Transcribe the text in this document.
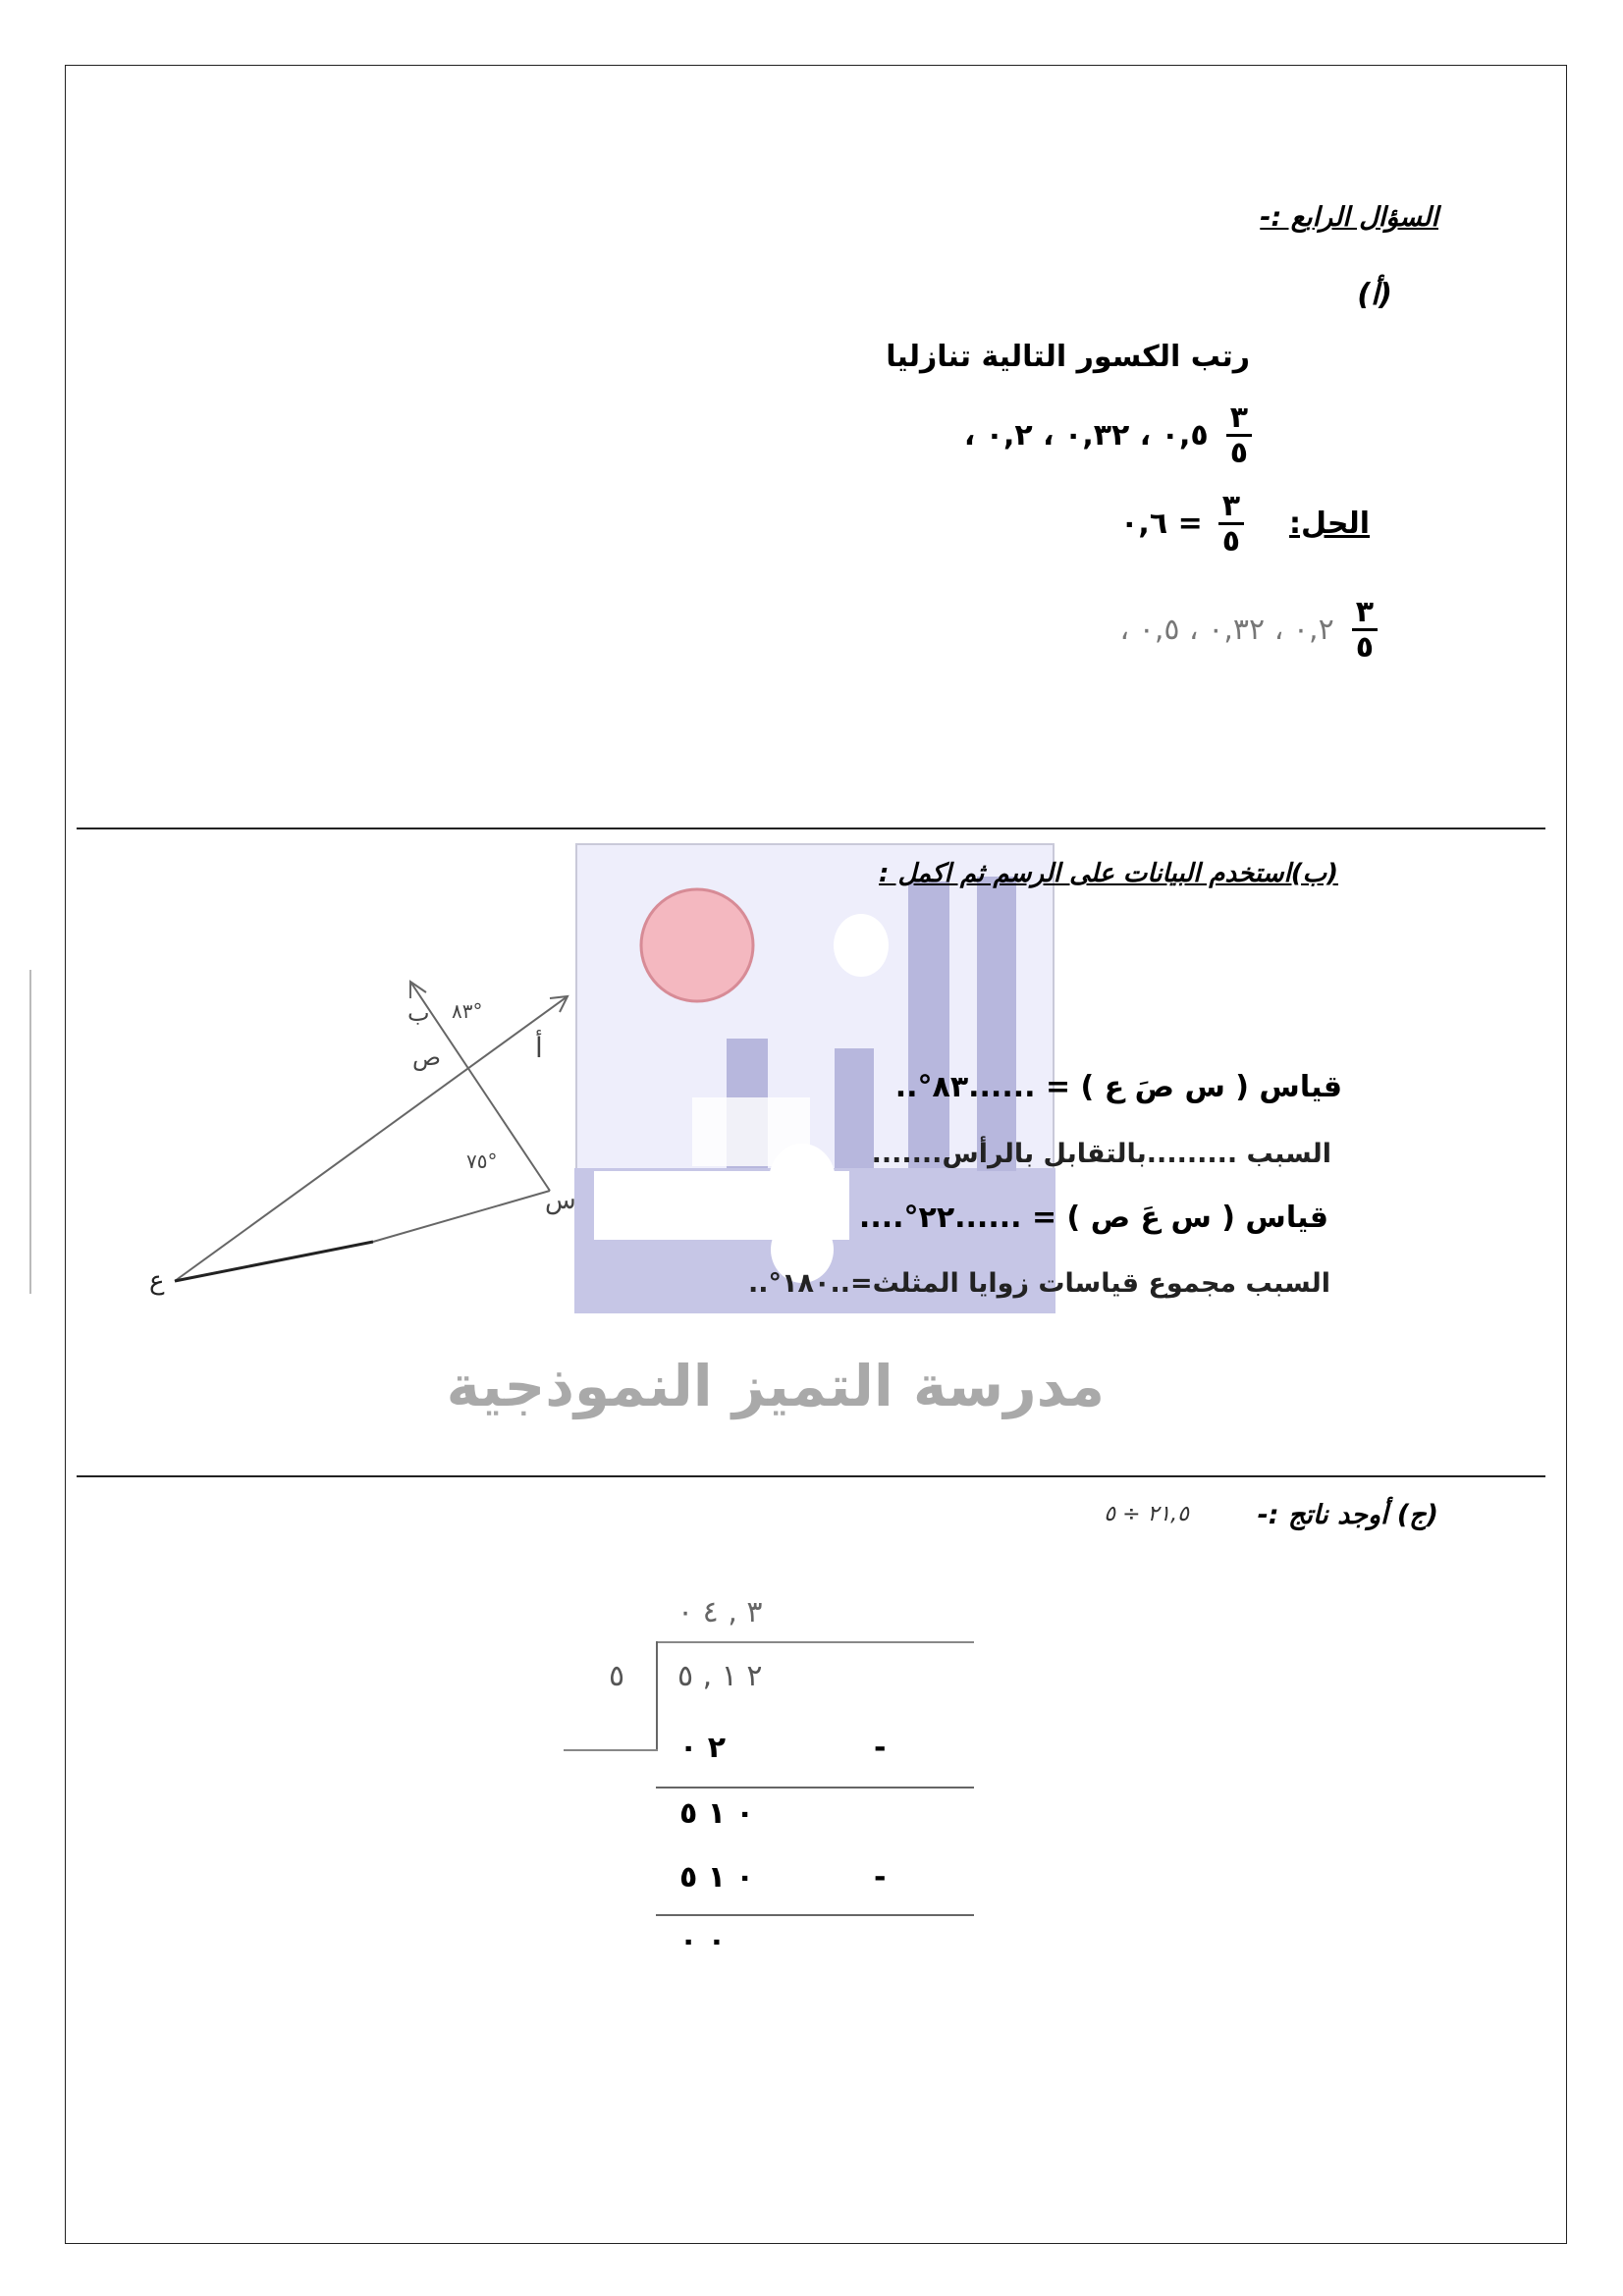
السؤال الرابع :-
(أ)
رتب الكسور التالية تنازليا
$\frac{٣}{٥}$
٠,٥ ، ٠,٣٢ ، ٠,٢ ،
الحل:
$\frac{٣}{٥}$
= ٠,٦
$\frac{٣}{٥}$
٠,٢ ، ٠,٣٢ ، ٠,٥ ،
(ب)استخدم البيانات على الرسم ثم اكمل :
ب ٨٣°
أ
ص
٧٥°
س
ع
قياس ( س صَ ع ) = ......٨٣°..
السبب .........بالتقابل بالرأس.......
قياس ( س عَ ص ) = ......٢٢°....
السبب مجموع قياسات زوايا المثلث=..١٨٠°..
مدرسة التميز النموذجية
(ج) أوجد ناتج :-
٢١,٥ ÷ ٥
٣ , ٤ ٠
٥ ٢ ١ , ٥
٢ ٠	-
٠ ١ ٥
٠ ١ ٥	-
٠ ٠
